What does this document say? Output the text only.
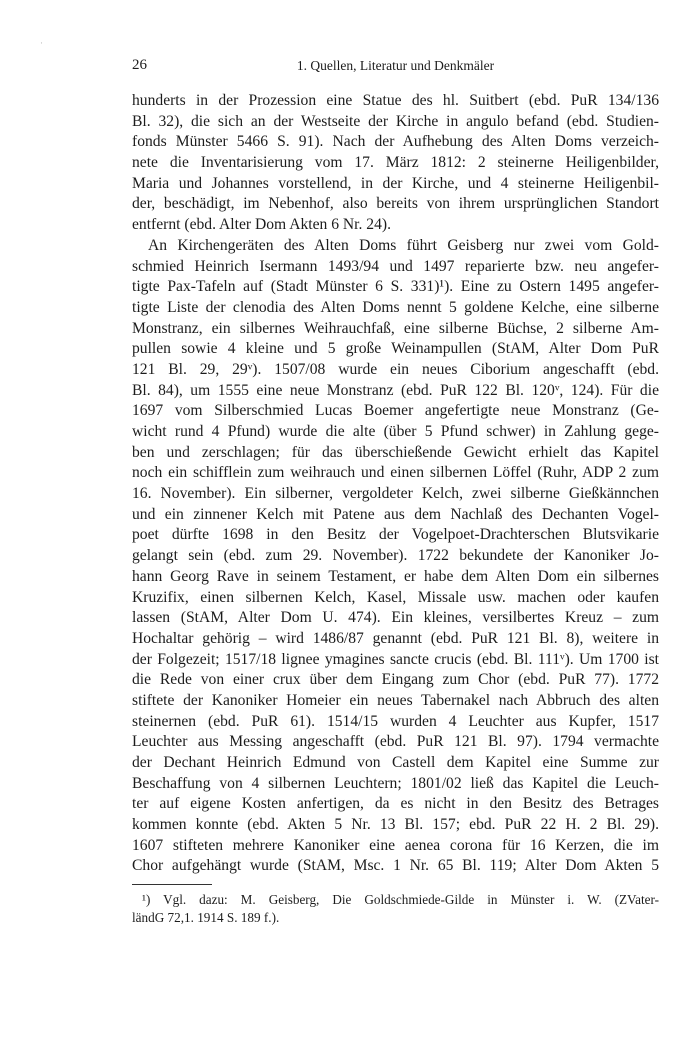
·
26	1. Quellen, Literatur und Denkmäler
hunderts in der Prozession eine Statue des hl. Suitbert (ebd. PuR 134/136
Bl. 32), die sich an der Westseite der Kirche in angulo befand (ebd. Studien-
fonds Münster 5466 S. 91). Nach der Aufhebung des Alten Doms verzeich-
nete die Inventarisierung vom 17. März 1812: 2 steinerne Heiligenbilder,
Maria und Johannes vorstellend, in der Kirche, und 4 steinerne Heiligenbil-
der, beschädigt, im Nebenhof, also bereits von ihrem ursprünglichen Standort
entfernt (ebd. Alter Dom Akten 6 Nr. 24).
An Kirchengeräten des Alten Doms führt Geisberg nur zwei vom Gold-
schmied Heinrich Isermann 1493/94 und 1497 reparierte bzw. neu angefer-
tigte Pax-Tafeln auf (Stadt Münster 6 S. 331)¹). Eine zu Ostern 1495 angefer-
tigte Liste der clenodia des Alten Doms nennt 5 goldene Kelche, eine silberne
Monstranz, ein silbernes Weihrauchfaß, eine silberne Büchse, 2 silberne Am-
pullen sowie 4 kleine und 5 große Weinampullen (StAM, Alter Dom PuR
121 Bl. 29, 29ᵛ). 1507/08 wurde ein neues Ciborium angeschafft (ebd.
Bl. 84), um 1555 eine neue Monstranz (ebd. PuR 122 Bl. 120ᵛ, 124). Für die
1697 vom Silberschmied Lucas Boemer angefertigte neue Monstranz (Ge-
wicht rund 4 Pfund) wurde die alte (über 5 Pfund schwer) in Zahlung gege-
ben und zerschlagen; für das überschießende Gewicht erhielt das Kapitel
noch ein schifflein zum weihrauch und einen silbernen Löffel (Ruhr, ADP 2 zum
16. November). Ein silberner, vergoldeter Kelch, zwei silberne Gießkännchen
und ein zinnener Kelch mit Patene aus dem Nachlaß des Dechanten Vogel-
poet dürfte 1698 in den Besitz der Vogelpoet-Drachterschen Blutsvikarie
gelangt sein (ebd. zum 29. November). 1722 bekundete der Kanoniker Jo-
hann Georg Rave in seinem Testament, er habe dem Alten Dom ein silbernes
Kruzifix, einen silbernen Kelch, Kasel, Missale usw. machen oder kaufen
lassen (StAM, Alter Dom U. 474). Ein kleines, versilbertes Kreuz – zum
Hochaltar gehörig – wird 1486/87 genannt (ebd. PuR 121 Bl. 8), weitere in
der Folgezeit; 1517/18 lignee ymagines sancte crucis (ebd. Bl. 111ᵛ). Um 1700 ist
die Rede von einer crux über dem Eingang zum Chor (ebd. PuR 77). 1772
stiftete der Kanoniker Homeier ein neues Tabernakel nach Abbruch des alten
steinernen (ebd. PuR 61). 1514/15 wurden 4 Leuchter aus Kupfer, 1517
Leuchter aus Messing angeschafft (ebd. PuR 121 Bl. 97). 1794 vermachte
der Dechant Heinrich Edmund von Castell dem Kapitel eine Summe zur
Beschaffung von 4 silbernen Leuchtern; 1801/02 ließ das Kapitel die Leuch-
ter auf eigene Kosten anfertigen, da es nicht in den Besitz des Betrages
kommen konnte (ebd. Akten 5 Nr. 13 Bl. 157; ebd. PuR 22 H. 2 Bl. 29).
1607 stifteten mehrere Kanoniker eine aenea corona für 16 Kerzen, die im
Chor aufgehängt wurde (StAM, Msc. 1 Nr. 65 Bl. 119; Alter Dom Akten 5
¹) Vgl. dazu: M. Geisberg, Die Goldschmiede-Gilde in Münster i. W. (ZVater-
ländG 72,1. 1914 S. 189 f.).
